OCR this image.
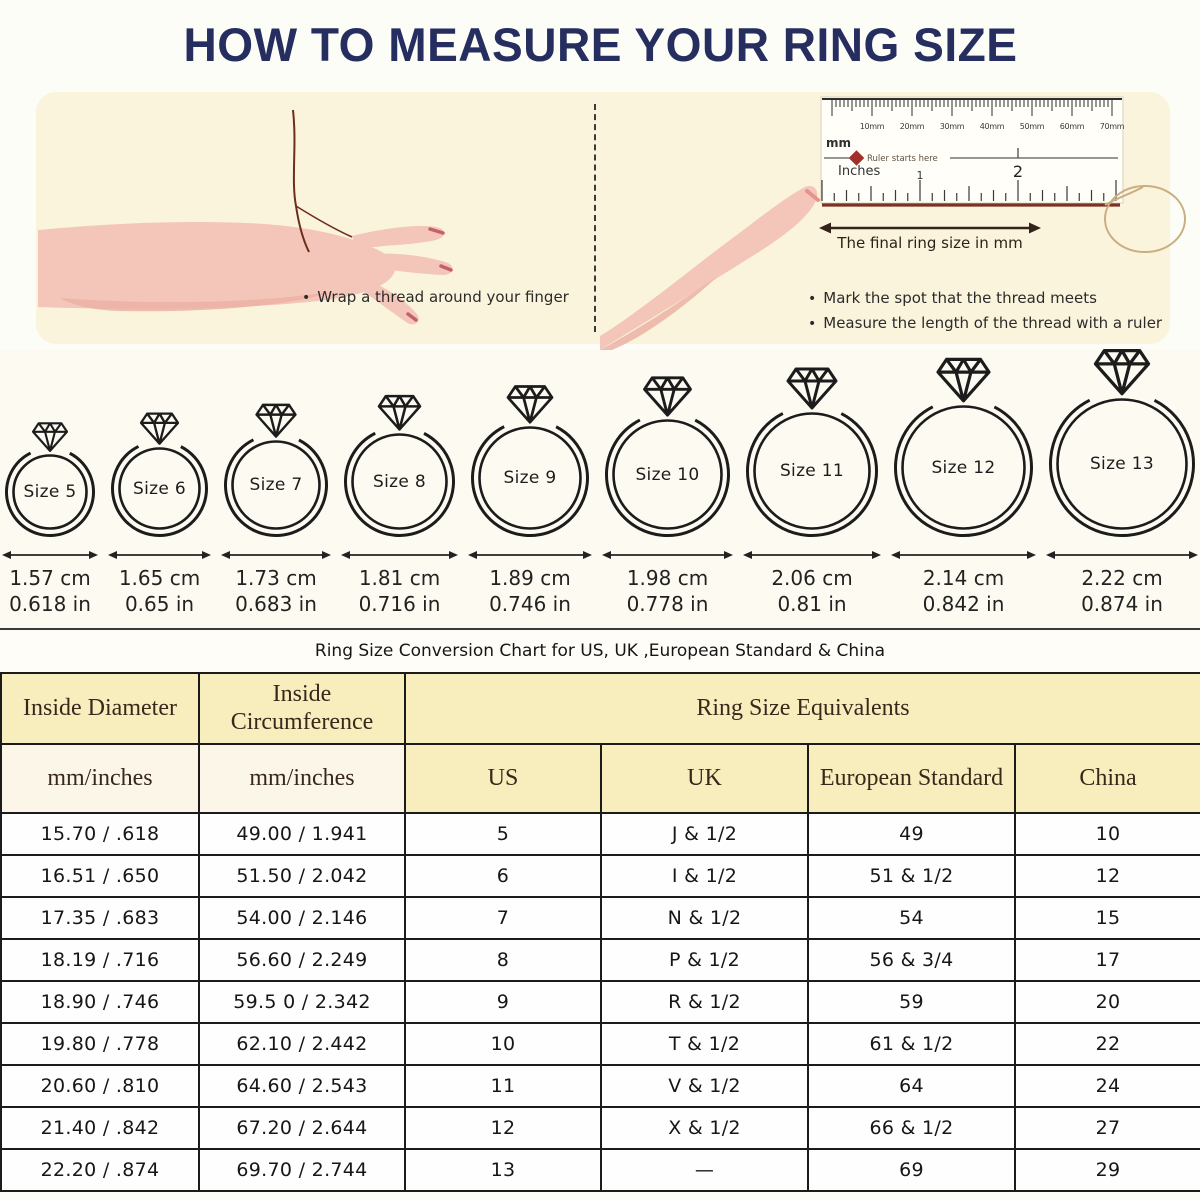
HOW TO MEASURE YOUR RING SIZE
10mm 20mm 30mm 40mm 50mm 60mm 70mm
mm
Ruler starts here
Inches	1	2
• Wrap a thread around your finger
The final ring size in mm
• Mark the spot that the thread meets
• Measure the length of the thread with a ruler
Size 5
1.57 cm
0.618 in
Size 6
1.65 cm
0.65 in
Size 7
1.73 cm
0.683 in
Size 8
1.81 cm
0.716 in
Size 9
1.89 cm
0.746 in
Size 10
1.98 cm
0.778 in
Size 11
2.06 cm
0.81 in
Size 12
2.14 cm
0.842 in
Size 13
2.22 cm
0.874 in
Ring Size Conversion Chart for US, UK ,European Standard & China
Inside Diameter	Inside Circumference	Ring Size Equivalents			
mm/inches	mm/inches	US	UK	European Standard	China
15.70 / .618	49.00 / 1.941	5	J & 1/2	49	10
16.51 / .650	51.50 / 2.042	6	I & 1/2	51 & 1/2	12
17.35 / .683	54.00 / 2.146	7	N & 1/2	54	15
18.19 / .716	56.60 / 2.249	8	P & 1/2	56 & 3/4	17
18.90 / .746	59.5 0 / 2.342	9	R & 1/2	59	20
19.80 / .778	62.10 / 2.442	10	T & 1/2	61 & 1/2	22
20.60 / .810	64.60 / 2.543	11	V & 1/2	64	24
21.40 / .842	67.20 / 2.644	12	X & 1/2	66 & 1/2	27
22.20 / .874	69.70 / 2.744	13	—	69	29
